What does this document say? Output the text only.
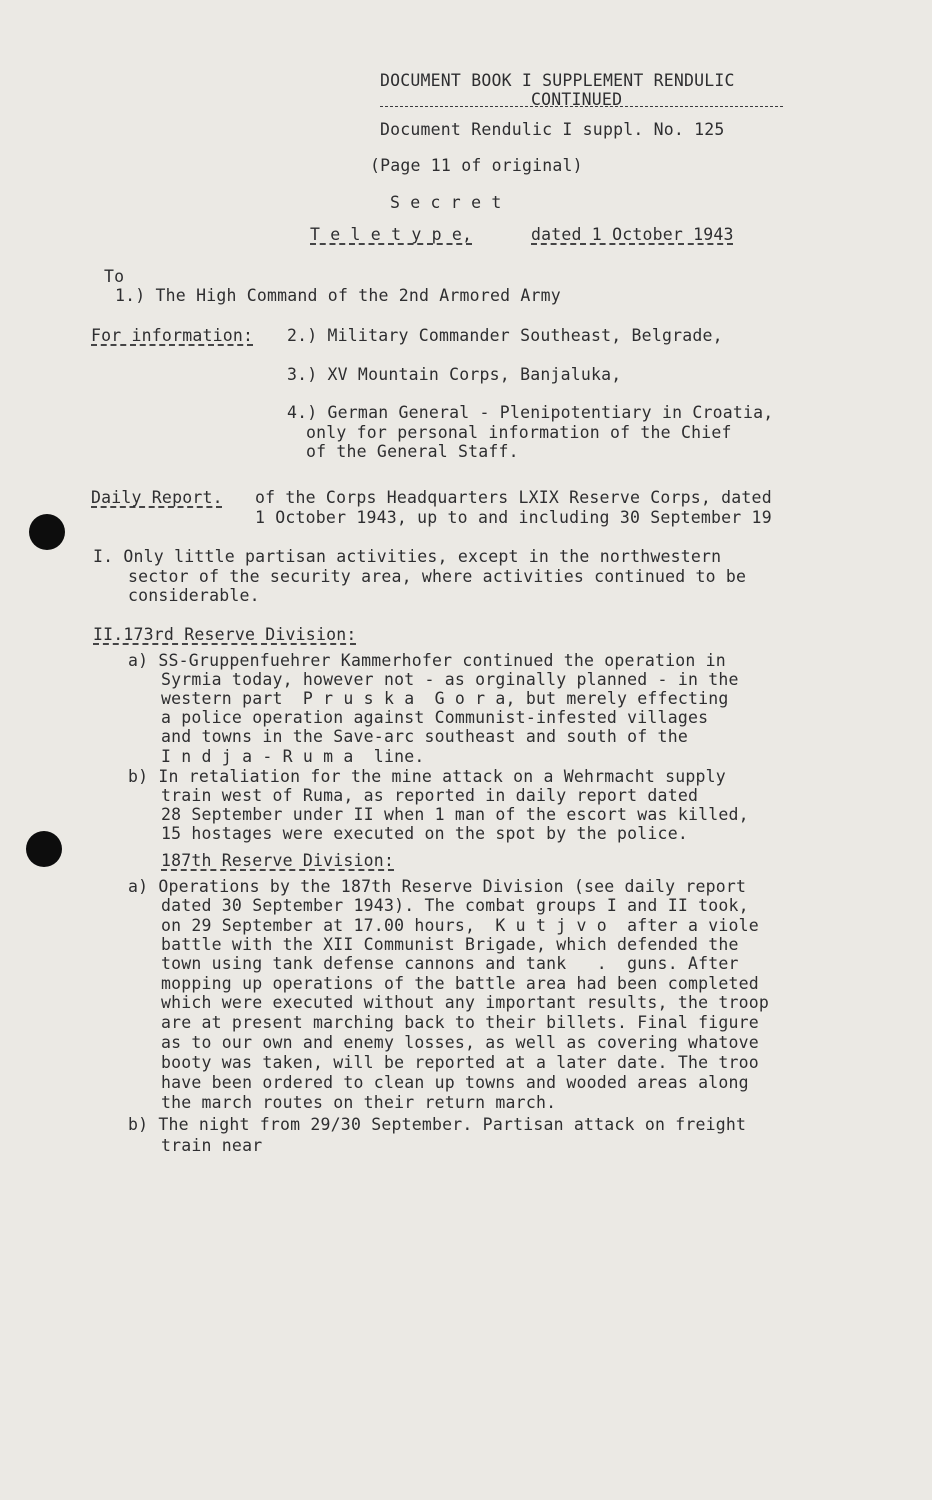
DOCUMENT BOOK I SUPPLEMENT RENDULIC
CONTINUED
Document Rendulic I suppl. No. 125
(Page 11 of original)
S e c r e t
T e l e t y p e,	dated 1 October 1943
To
1.) The High Command of the 2nd Armored Army
For information: 2.) Military Commander Southeast, Belgrade,
3.) XV Mountain Corps, Banjaluka,
4.) German General - Plenipotentiary in Croatia,
only for personal information of the Chief
of the General Staff.
Daily Report. of the Corps Headquarters LXIX Reserve Corps, dated
1 October 1943, up to and including 30 September 19
I. Only little partisan activities, except in the northwestern
sector of the security area, where activities continued to be
considerable.
II.173rd Reserve Division:
a) SS-Gruppenfuehrer Kammerhofer continued the operation in
Syrmia today, however not - as orginally planned - in the
western part  P r u s k a  G o r a, but merely effecting
a police operation against Communist-infested villages
and towns in the Save-arc southeast and south of the
I n d j a - R u m a  line.
b) In retaliation for the mine attack on a Wehrmacht supply
train west of Ruma, as reported in daily report dated
28 September under II when 1 man of the escort was killed,
15 hostages were executed on the spot by the police.
187th Reserve Division:
a) Operations by the 187th Reserve Division (see daily report
dated 30 September 1943). The combat groups I and II took,
on 29 September at 17.00 hours,  K u t j v o  after a viole
battle with the XII Communist Brigade, which defended the
town using tank defense cannons and tank   .  guns. After
mopping up operations of the battle area had been completed
which were executed without any important results, the troop
are at present marching back to their billets. Final figure
as to our own and enemy losses, as well as covering whatove
booty was taken, will be reported at a later date. The troo
have been ordered to clean up towns and wooded areas along
the march routes on their return march.
b) The night from 29/30 September. Partisan attack on freight
train near
